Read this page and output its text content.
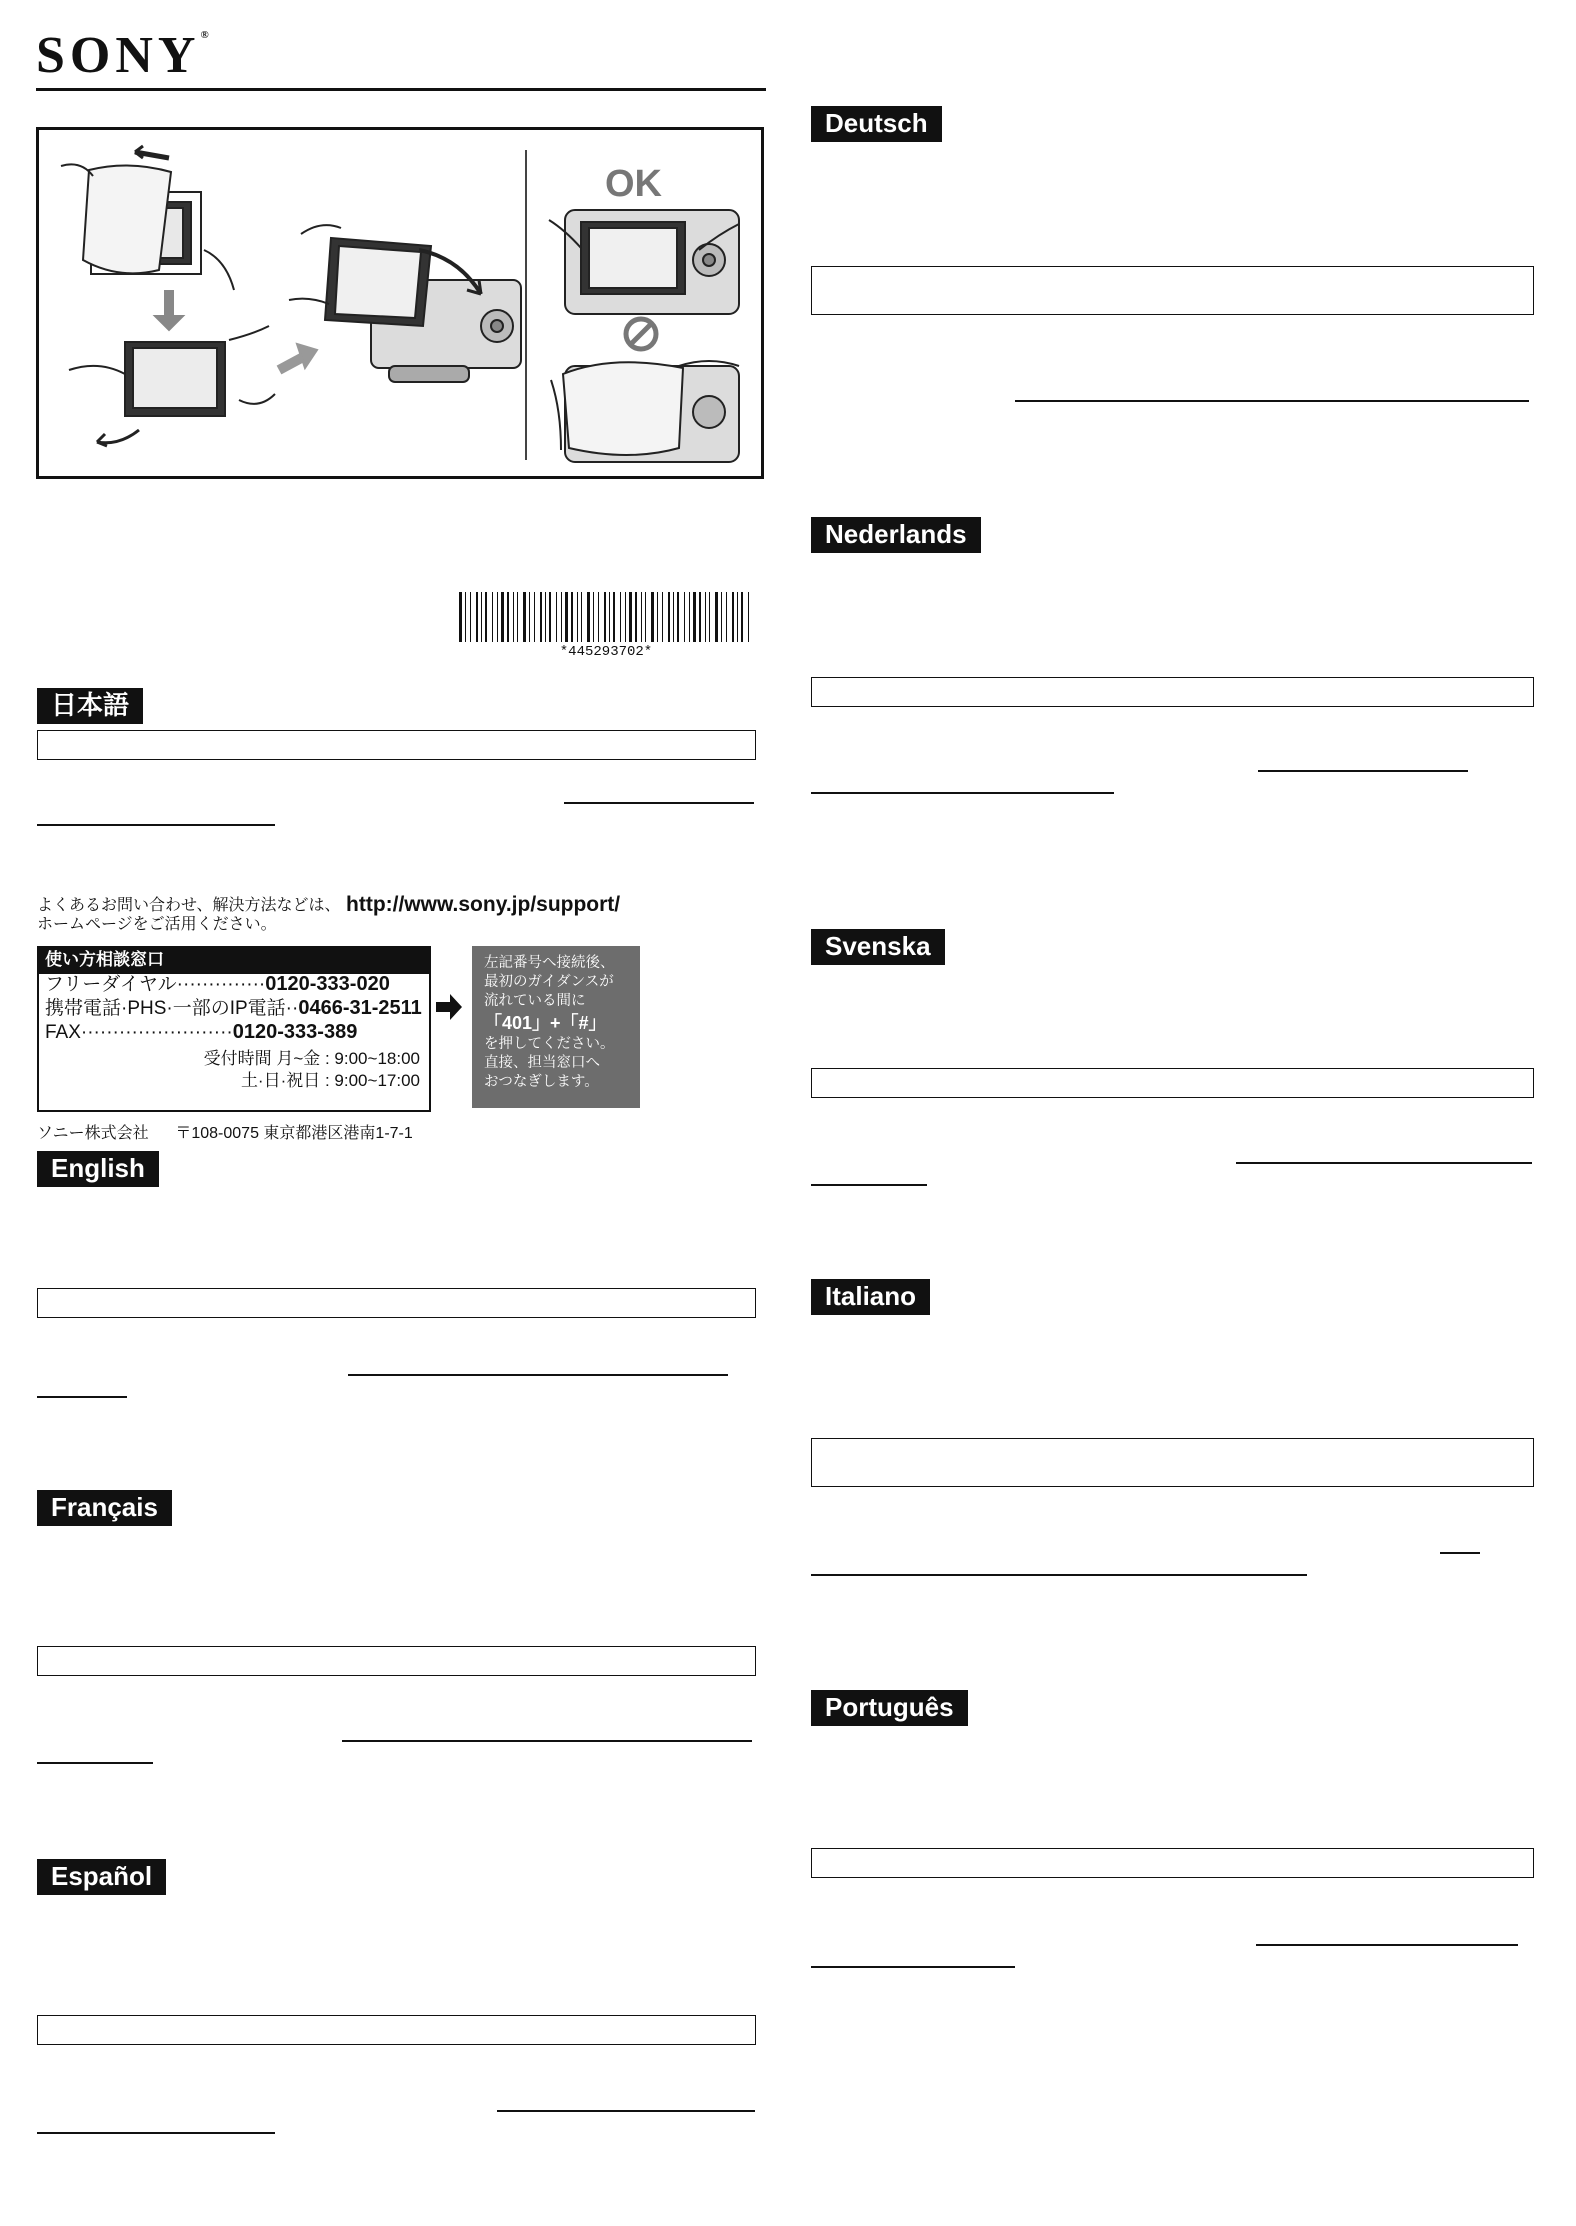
SONY®
OK
*445293702*
日本語
よくあるお問い合わせ、解決方法などは、
ホームページをご活用ください。
http://www.sony.jp/support/
使い方相談窓口
フリーダイヤル··············0120-333-020
携帯電話·PHS·一部のIP電話··0466-31-2511
FAX························0120-333-389
受付時間 月~金 : 9:00~18:00
土·日·祝日 : 9:00~17:00
左記番号へ接続後、
最初のガイダンスが
流れている間に
「401」+「#」
を押してください。
直接、担当窓口へ
おつなぎします。
ソニー株式会社 〒108-0075 東京都港区港南1-7-1
English
Français
Español
Deutsch
Nederlands
Svenska
Italiano
Português
